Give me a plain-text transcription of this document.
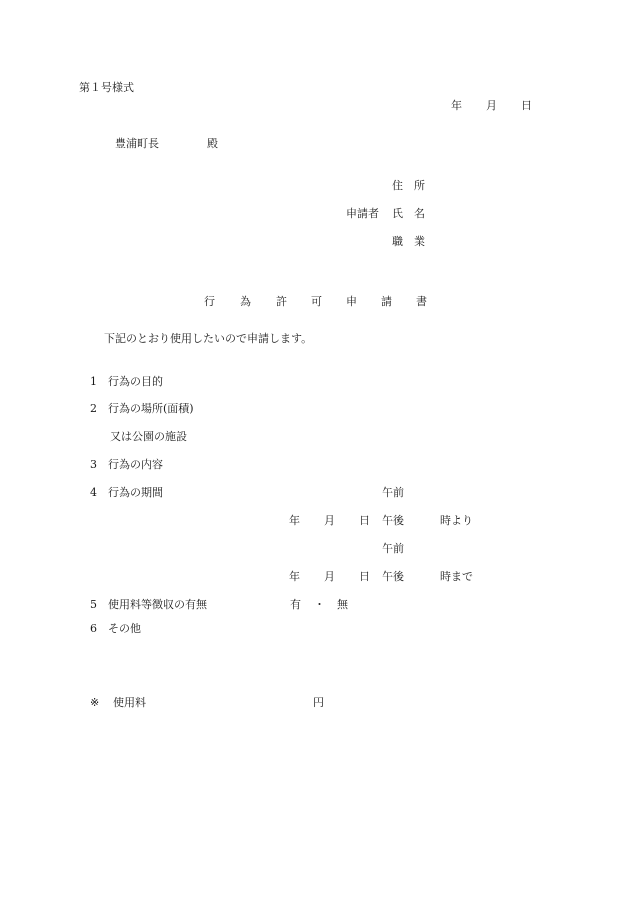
第１号様式
年 月 日
豊浦町長	殿
住　所
申請者 氏　名
職　業
行 為 許 可 申 請 書
下記のとおり使用したいので申請します。
1 行為の目的
2 行為の場所(面積)
又は公園の施設
3 行為の内容
4 行為の期間	午前
年 月 日 午後	時より
午前
年 月 日 午後	時まで
5 使用料等徴収の有無	有 ・ 無
6 その他
※ 使用料	円
